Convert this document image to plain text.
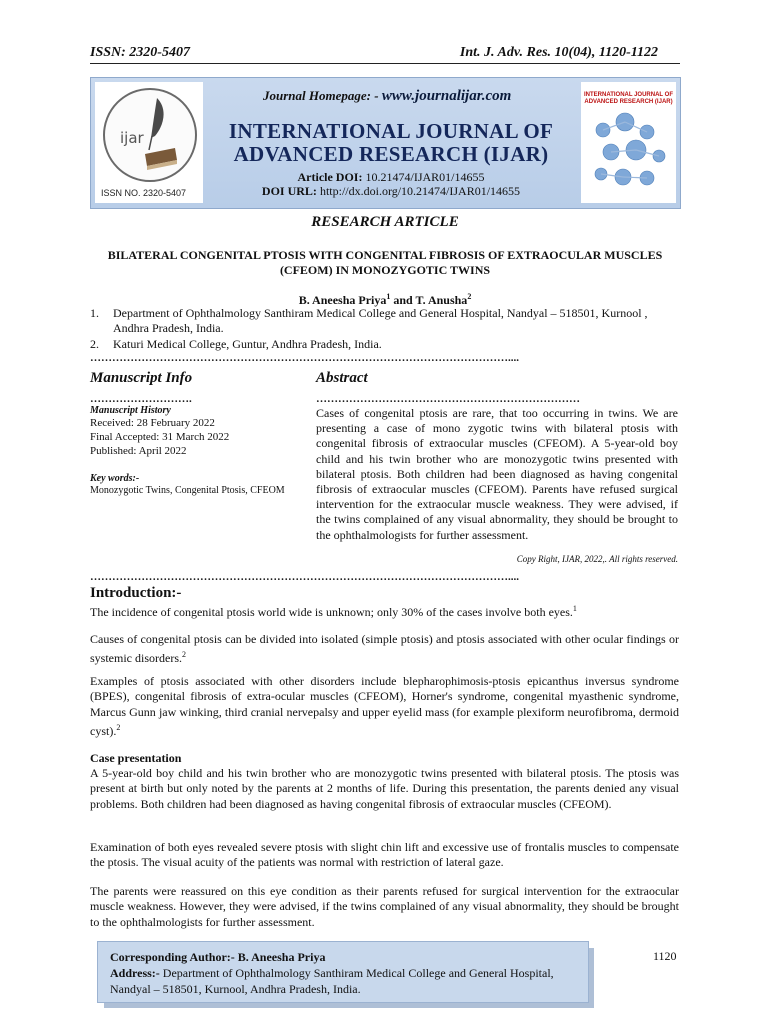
ISSN: 2320-5407	Int. J. Adv. Res. 10(04), 1120-1122
ijar
ISSN NO. 2320-5407
Journal Homepage: - www.journalijar.com
INTERNATIONAL JOURNAL OF ADVANCED RESEARCH (IJAR)
Article DOI: 10.21474/IJAR01/14655
DOI URL: http://dx.doi.org/10.21474/IJAR01/14655
INTERNATIONAL JOURNAL OF ADVANCED RESEARCH (IJAR)
RESEARCH ARTICLE
BILATERAL CONGENITAL PTOSIS WITH CONGENITAL FIBROSIS OF EXTRAOCULAR MUSCLES (CFEOM) IN MONOZYGOTIC TWINS
B. Aneesha Priya$^1$ and T. Anusha$^2$
1. Department of Ophthalmology Santhiram Medical College and General Hospital, Nandyal – 518501, Kurnool , Andhra Pradesh, India.
2. Katuri Medical College, Guntur, Andhra Pradesh, India.
……………………………………………………………………………………………………....
Manuscript Info
……………………….
Manuscript History
Received: 28 February 2022
Final Accepted: 31 March 2022
Published: April 2022
Key words:-
Monozygotic Twins, Congenital Ptosis, CFEOM
Abstract
………………………………………………………………
Cases of congenital ptosis are rare, that too occurring in twins. We are presenting a case of mono zygotic twins with bilateral ptosis with congenital fibrosis of extraocular muscles (CFEOM). A 5-year-old boy child and his twin brother who are monozygotic twins presented with bilateral ptosis. Both children had been diagnosed as having congenital fibrosis of extraocular muscles (CFEOM). Parents have refused surgical intervention for the extraocular muscle weakness. They were advised, if the twins complained of any visual abnormality, they should be brought to the ophthalmologists for further assessment.
Copy Right, IJAR, 2022,. All rights reserved.
……………………………………………………………………………………………………....
Introduction:-
The incidence of congenital ptosis world wide is unknown; only 30% of the cases involve both eyes.$^1$
Causes of congenital ptosis can be divided into isolated (simple ptosis) and ptosis associated with other ocular findings or systemic disorders.$^2$
Examples of ptosis associated with other disorders include blepharophimosis-ptosis epicanthus inversus syndrome (BPES), congenital fibrosis of extra-ocular muscles (CFEOM), Horner's syndrome, congenital myasthenic syndrome, Marcus Gunn jaw winking, third cranial nervepalsy and upper eyelid mass (for example plexiform neurofibroma, dermoid cyst).$^2$
Case presentation
A 5-year-old boy child and his twin brother who are monozygotic twins presented with bilateral ptosis. The ptosis was present at birth but only noted by the parents at 2 months of life. During this presentation, the parents denied any visual problems. Both children had been diagnosed as having congenital fibrosis of extraocular muscles (CFEOM).
Examination of both eyes revealed severe ptosis with slight chin lift and excessive use of frontalis muscles to compensate the ptosis. The visual acuity of the patients was normal with restriction of lateral gaze.
The parents were reassured on this eye condition as their parents refused for surgical intervention for the extraocular muscle weakness. However, they were advised, if the twins complained of any visual abnormality, they should be brought to the ophthalmologists for further assessment.
Corresponding Author:- B. Aneesha Priya
Address:- Department of Ophthalmology Santhiram Medical College and General Hospital, Nandyal – 518501, Kurnool, Andhra Pradesh, India.
1120
